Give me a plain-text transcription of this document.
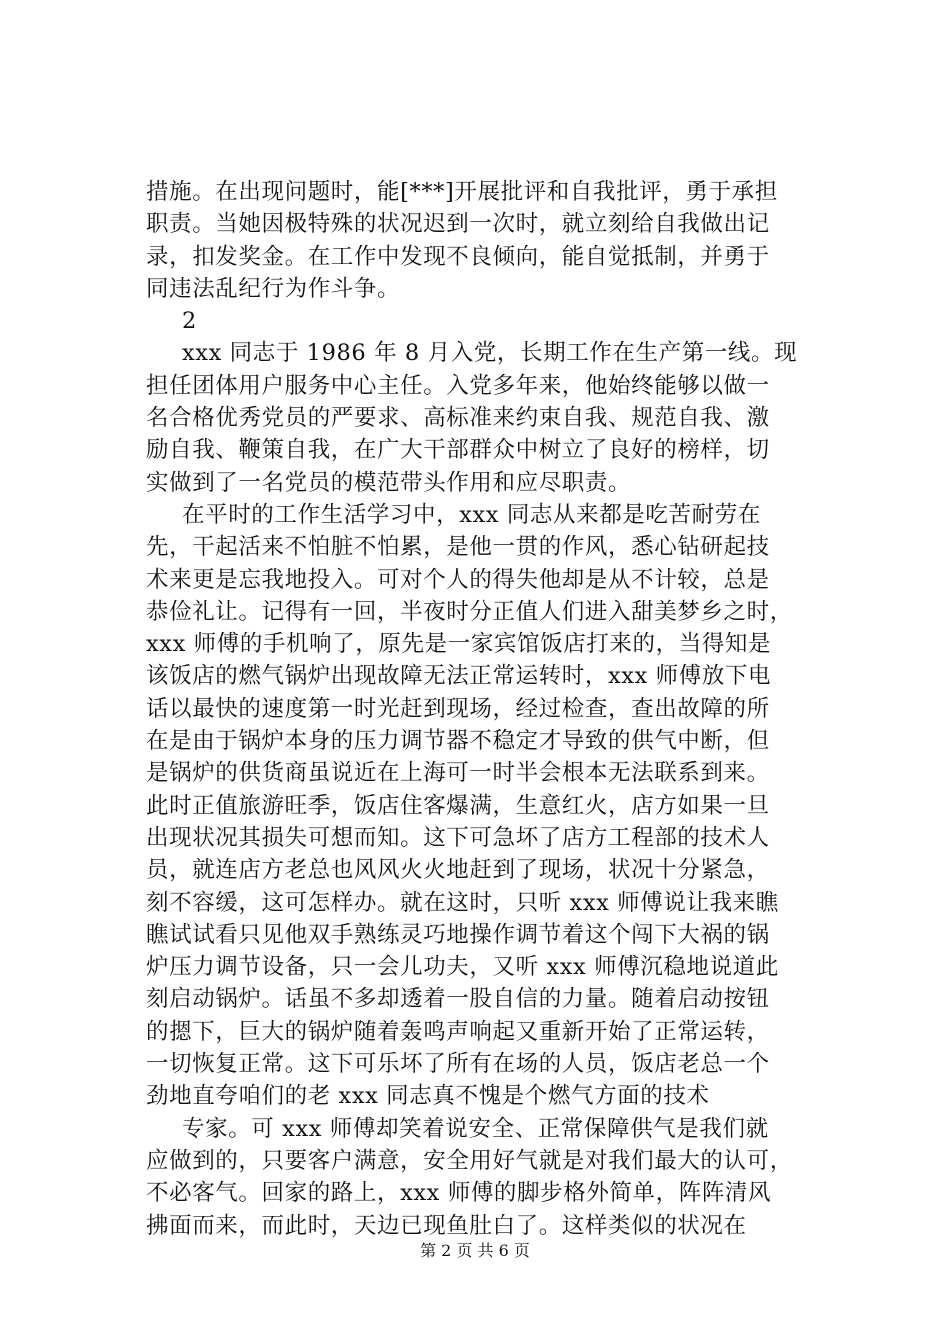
措施。在出现问题时，能[***]开展批评和自我批评，勇于承担
职责。当她因极特殊的状况迟到一次时，就立刻给自我做出记
录，扣发奖金。在工作中发现不良倾向，能自觉抵制，并勇于
同违法乱纪行为作斗争。
2
xxx 同志于 1986 年 8 月入党，长期工作在生产第一线。现
担任团体用户服务中心主任。入党多年来，他始终能够以做一
名合格优秀党员的严要求、高标准来约束自我、规范自我、激
励自我、鞭策自我，在广大干部群众中树立了良好的榜样，切
实做到了一名党员的模范带头作用和应尽职责。
在平时的工作生活学习中，xxx 同志从来都是吃苦耐劳在
先，干起活来不怕脏不怕累，是他一贯的作风，悉心钻研起技
术来更是忘我地投入。可对个人的得失他却是从不计较，总是
恭俭礼让。记得有一回，半夜时分正值人们进入甜美梦乡之时，
xxx 师傅的手机响了，原先是一家宾馆饭店打来的，当得知是
该饭店的燃气锅炉出现故障无法正常运转时，xxx 师傅放下电
话以最快的速度第一时光赶到现场，经过检查，查出故障的所
在是由于锅炉本身的压力调节器不稳定才导致的供气中断，但
是锅炉的供货商虽说近在上海可一时半会根本无法联系到来。
此时正值旅游旺季，饭店住客爆满，生意红火，店方如果一旦
出现状况其损失可想而知。这下可急坏了店方工程部的技术人
员，就连店方老总也风风火火地赶到了现场，状况十分紧急，
刻不容缓，这可怎样办。就在这时，只听 xxx 师傅说让我来瞧
瞧试试看只见他双手熟练灵巧地操作调节着这个闯下大祸的锅
炉压力调节设备，只一会儿功夫，又听 xxx 师傅沉稳地说道此
刻启动锅炉。话虽不多却透着一股自信的力量。随着启动按钮
的摁下，巨大的锅炉随着轰鸣声响起又重新开始了正常运转，
一切恢复正常。这下可乐坏了所有在场的人员，饭店老总一个
劲地直夸咱们的老 xxx 同志真不愧是个燃气方面的技术
专家。可 xxx 师傅却笑着说安全、正常保障供气是我们就
应做到的，只要客户满意，安全用好气就是对我们最大的认可，
不必客气。回家的路上，xxx 师傅的脚步格外简单，阵阵清风
拂面而来，而此时，天边已现鱼肚白了。这样类似的状况在
第 2 页 共 6 页
